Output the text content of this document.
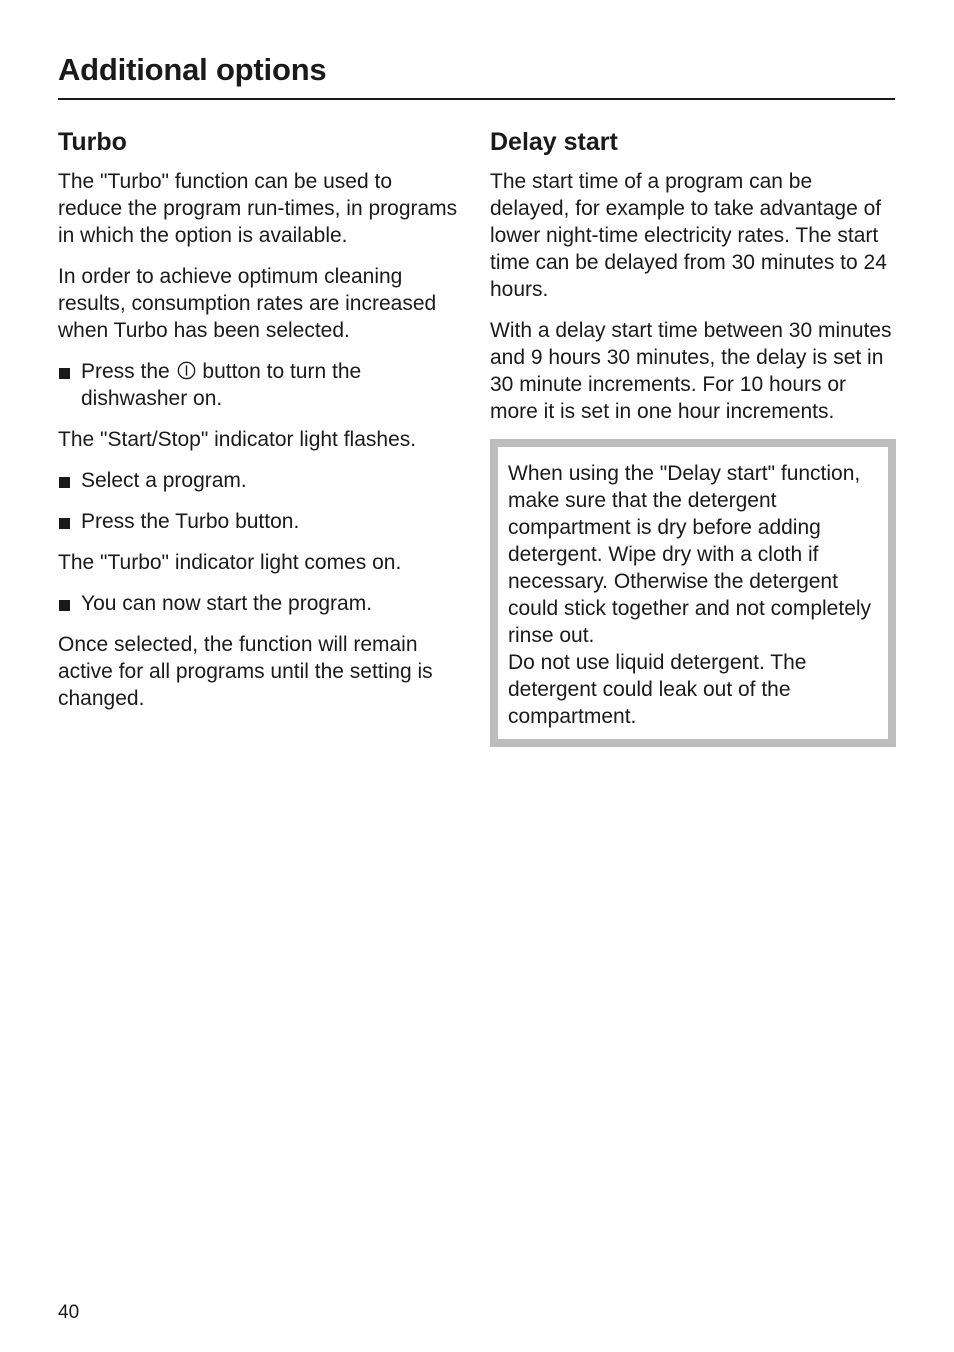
Additional options
Turbo

The "Turbo" function can be used to reduce the program run-times, in programs in which the option is available.

In order to achieve optimum cleaning results, consumption rates are increased when Turbo has been selected.

Press the button to turn the dishwasher on.

The "Start/Stop" indicator light flashes.

Select a program.

Press the Turbo button.

The "Turbo" indicator light comes on.

You can now start the program.

Once selected, the function will remain active for all programs until the setting is changed.

Delay start

The start time of a program can be delayed, for example to take advantage of lower night-time electricity rates. The start time can be delayed from 30 minutes to 24 hours.

With a delay start time between 30 minutes and 9 hours 30 minutes, the delay is set in 30 minute increments. For 10 hours or more it is set in one hour increments.

When using the "Delay start" function, make sure that the detergent compartment is dry before adding detergent. Wipe dry with a cloth if necessary. Otherwise the detergent could stick together and not completely rinse out.

Do not use liquid detergent. The detergent could leak out of the compartment.

40
